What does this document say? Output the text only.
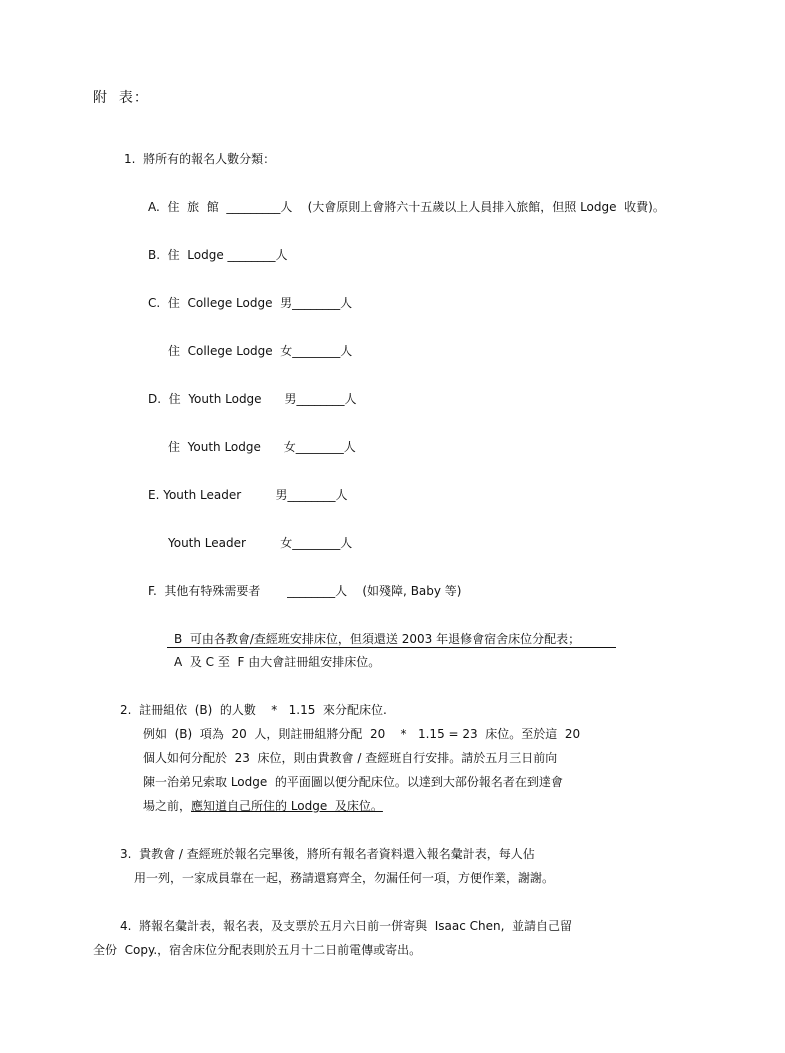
附  表：
1.  將所有的報名人數分類：
A.  住  旅  館  _________人    (大會原則上會將六十五歲以上人員排入旅館，但照 Lodge  收費)。
B.  住  Lodge ________人
C.  住  College Lodge  男________人
住  College Lodge  女________人
D.  住  Youth Lodge      男________人
住  Youth Lodge      女________人
E. Youth Leader         男________人
Youth Leader         女________人
F.  其他有特殊需要者       ________人    (如殘障, Baby 等)
B  可由各教會/查經班安排床位，但須還送 2003 年退修會宿舍床位分配表；
A  及 C 至  F 由大會註冊組安排床位。
2.  註冊組依  (B)  的人數    *   1.15  來分配床位.
例如  (B)  項為  20  人，則註冊組將分配  20    *   1.15 = 23  床位。至於這  20
個人如何分配於  23  床位，則由貴教會 / 查經班自行安排。請於五月三日前向
陳一治弟兄索取 Lodge  的平面圖以便分配床位。以達到大部份報名者在到達會
場之前，應知道自己所住的 Lodge  及床位。
3.  貴教會 / 查經班於報名完畢後，將所有報名者資料還入報名彙計表，每人佔
用一列，一家成員靠在一起，務請還寫齊全，勿漏任何一項，方便作業，謝謝。
4.  將報名彙計表，報名表，及支票於五月六日前一併寄與  Isaac Chen,  並請自己留
全份  Copy.，宿舍床位分配表則於五月十二日前電傳或寄出。
